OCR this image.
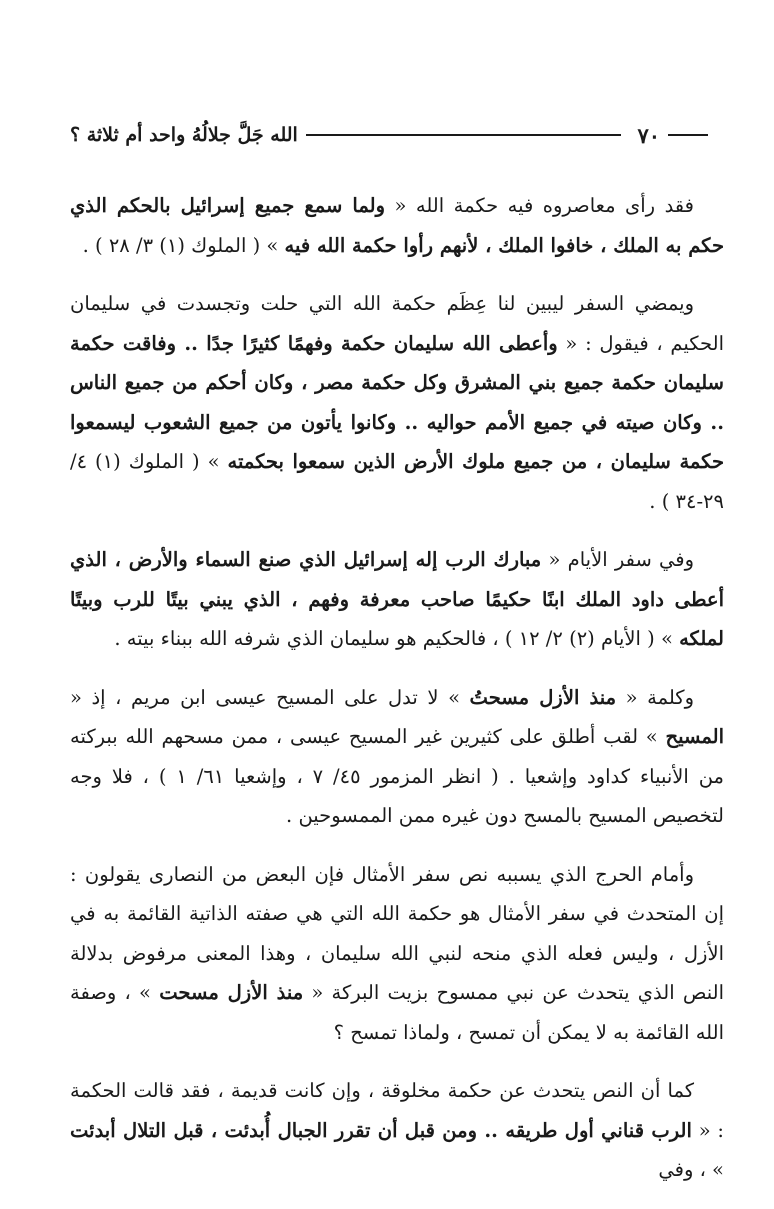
٧٠
الله جَلَّ جلالُهُ واحد أم ثلاثة ؟

فقد رأى معاصروه فيه حكمة الله « ولما سمع جميع إسرائيل بالحكم الذي حكم به الملك ، خافوا الملك ، لأنهم رأوا حكمة الله فيه » ( الملوك (١) ٣/ ٢٨ ) .

ويمضي السفر ليبين لنا عِظَم حكمة الله التي حلت وتجسدت في سليمان الحكيم ، فيقول : « وأعطى الله سليمان حكمة وفهمًا كثيرًا جدًا .. وفاقت حكمة سليمان حكمة جميع بني المشرق وكل حكمة مصر ، وكان أحكم من جميع الناس .. وكان صيته في جميع الأمم حواليه .. وكانوا يأتون من جميع الشعوب ليسمعوا حكمة سليمان ، من جميع ملوك الأرض الذين سمعوا بحكمته » ( الملوك (١) ٤/ ٢٩-٣٤ ) .

وفي سفر الأيام « مبارك الرب إله إسرائيل الذي صنع السماء والأرض ، الذي أعطى داود الملك ابنًا حكيمًا صاحب معرفة وفهم ، الذي يبني بيتًا للرب وبيتًا لملكه » ( الأيام (٢) ٢/ ١٢ ) ، فالحكيم هو سليمان الذي شرفه الله ببناء بيته .

وكلمة « منذ الأزل مسحتُ » لا تدل على المسيح عيسى ابن مريم ، إذ « المسيح » لقب أطلق على كثيرين غير المسيح عيسى ، ممن مسحهم الله ببركته من الأنبياء كداود وإشعيا . ( انظر المزمور ٤٥/ ٧ ، وإشعيا ٦١/ ١ ) ، فلا وجه لتخصيص المسيح بالمسح دون غيره ممن الممسوحين .

وأمام الحرج الذي يسببه نص سفر الأمثال فإن البعض من النصارى يقولون : إن المتحدث في سفر الأمثال هو حكمة الله التي هي صفته الذاتية القائمة به في الأزل ، وليس فعله الذي منحه لنبي الله سليمان ، وهذا المعنى مرفوض بدلالة النص الذي يتحدث عن نبي ممسوح بزيت البركة « منذ الأزل مسحت » ، وصفة الله القائمة به لا يمكن أن تمسح ، ولماذا تمسح ؟

كما أن النص يتحدث عن حكمة مخلوقة ، وإن كانت قديمة ، فقد قالت الحكمة : « الرب قناني أول طريقه .. ومن قبل أن تقرر الجبال أُبدئت ، قبل التلال أبدئت » ، وفي
